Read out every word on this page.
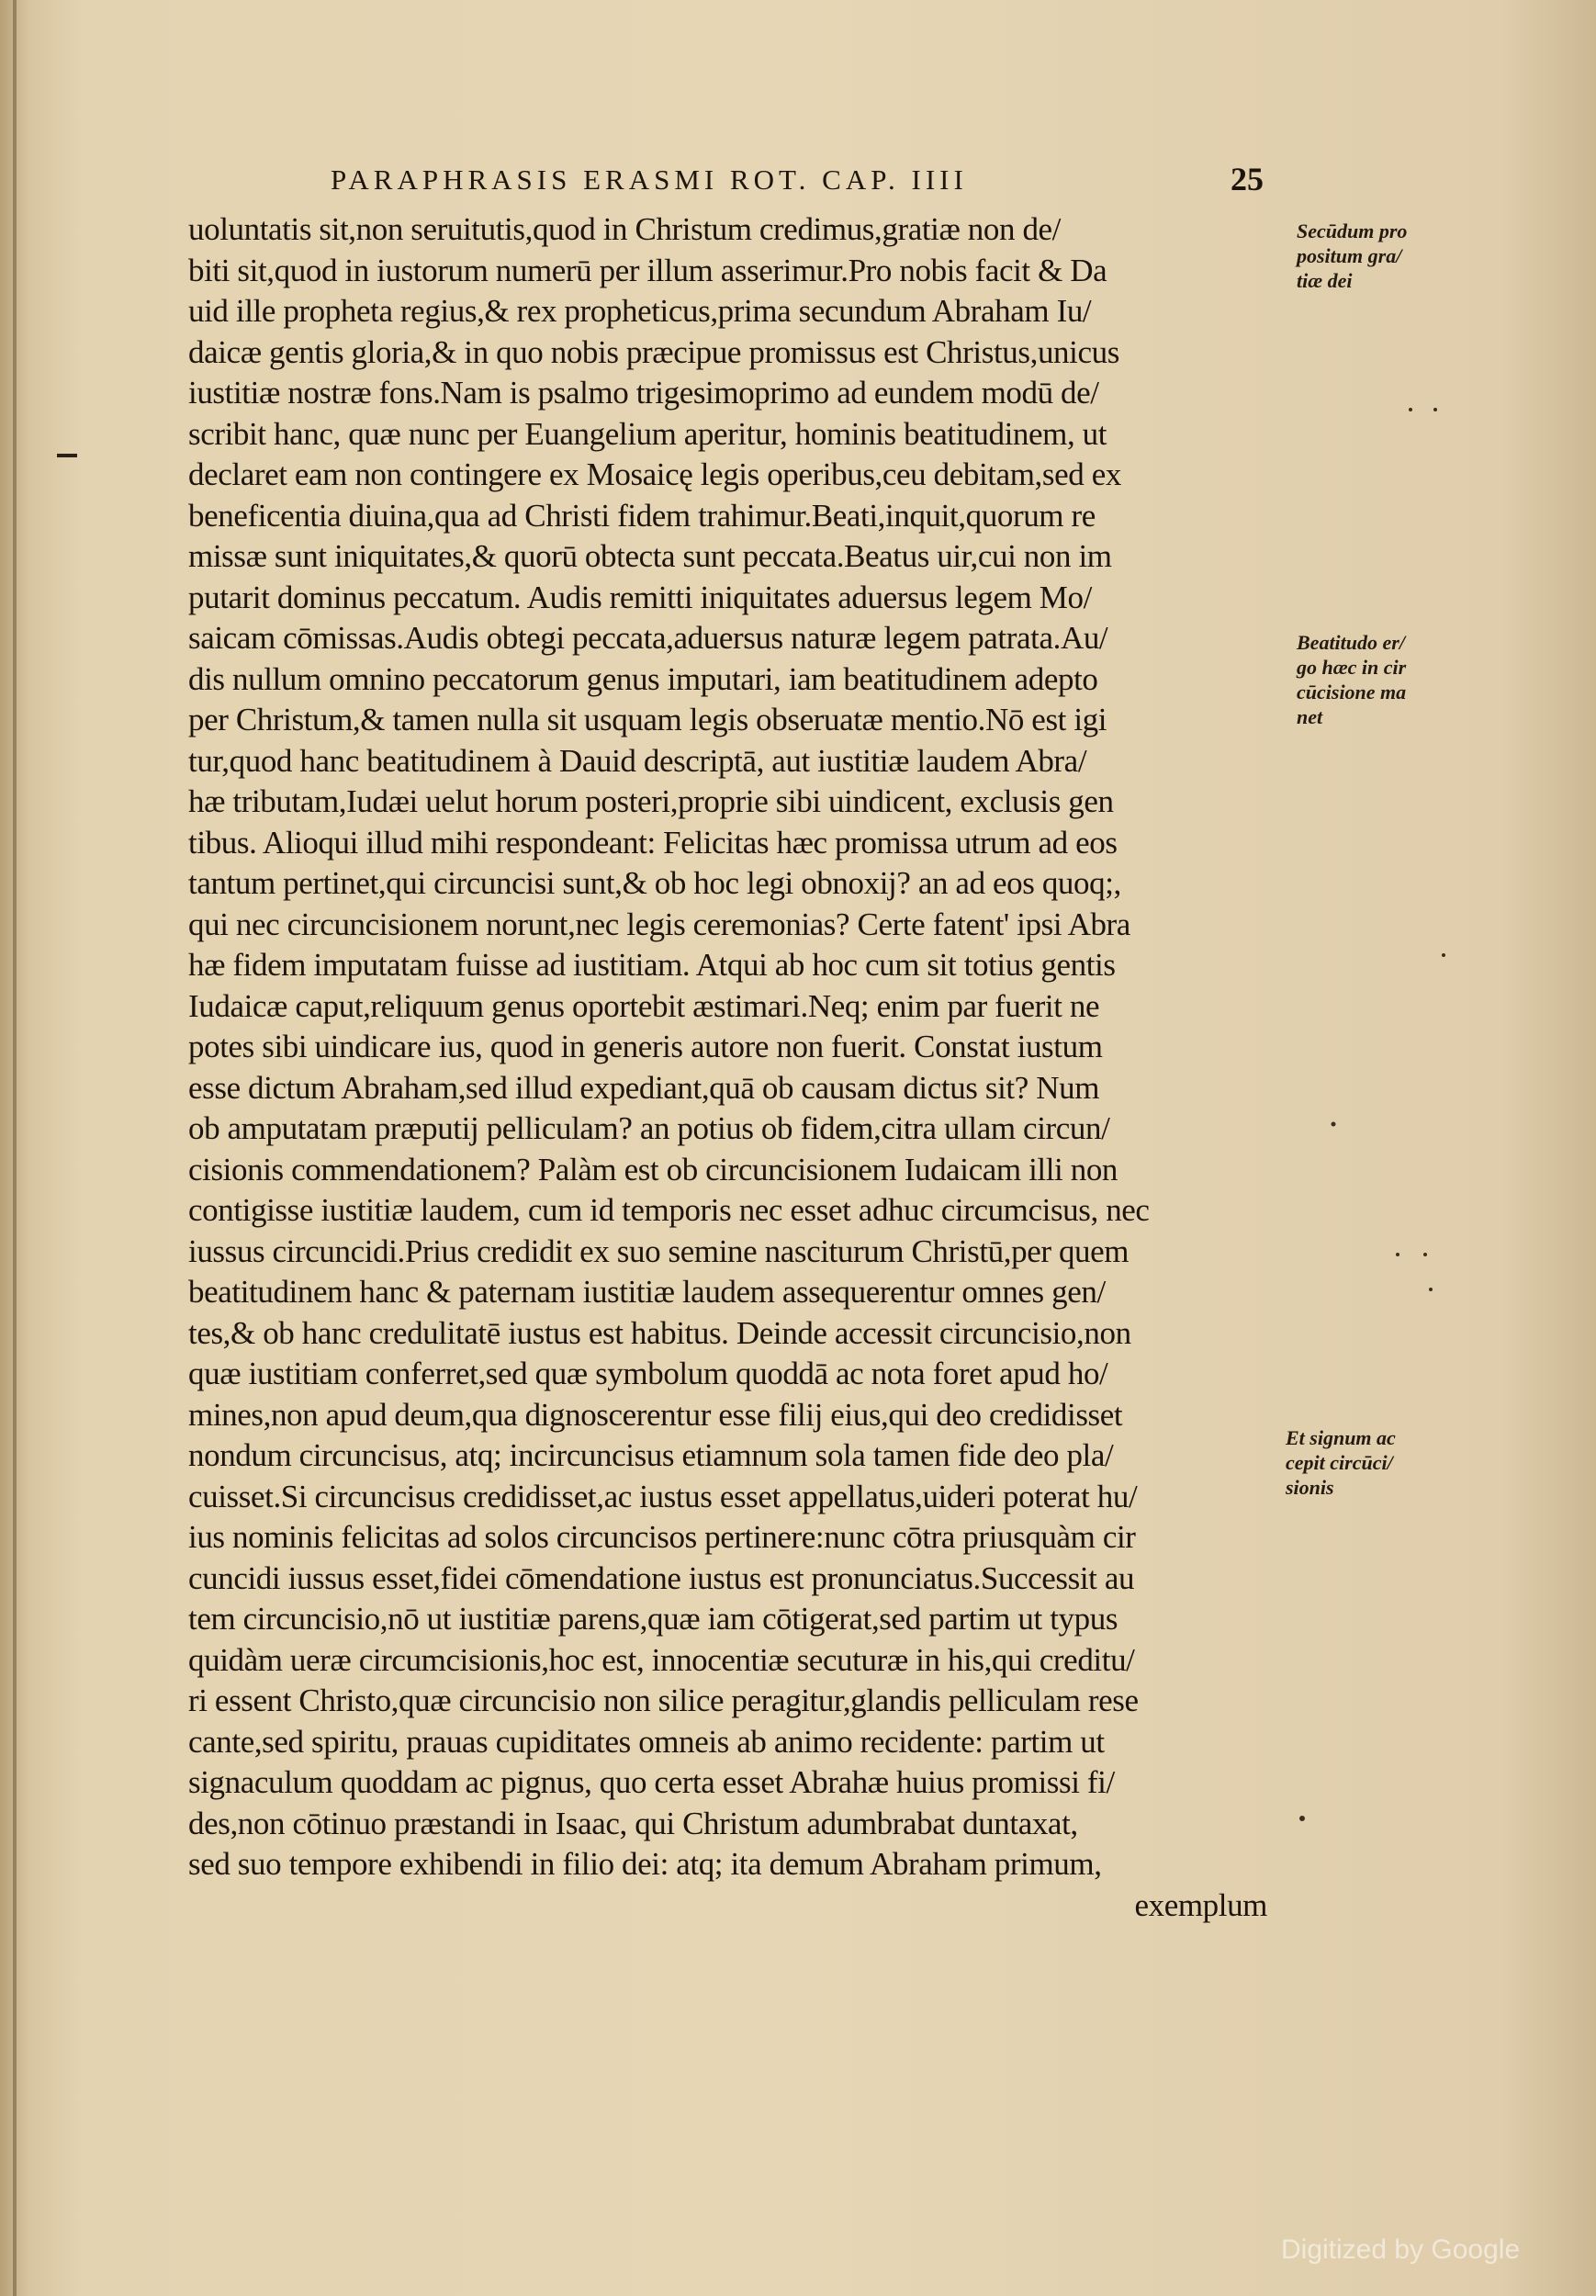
PARAPHRASIS ERASMI ROT. CAP. IIII	25
uoluntatis sit,non seruitutis,quod in Christum credimus,gratiæ non de/
biti sit,quod in iustorum numerū per illum asserimur.Pro nobis facit & Da
uid ille propheta regius,& rex propheticus,prima secundum Abraham Iu/
daicæ gentis gloria,& in quo nobis præcipue promissus est Christus,unicus
iustitiæ nostræ fons.Nam is psalmo trigesimoprimo ad eundem modū de/
scribit hanc, quæ nunc per Euangelium aperitur, hominis beatitudinem, ut
declaret eam non contingere ex Mosaicę legis operibus,ceu debitam,sed ex
beneficentia diuina,qua ad Christi fidem trahimur.Beati,inquit,quorum re
missæ sunt iniquitates,& quorū obtecta sunt peccata.Beatus uir,cui non im
putarit dominus peccatum. Audis remitti iniquitates aduersus legem Mo/
saicam cōmissas.Audis obtegi peccata,aduersus naturæ legem patrata.Au/
dis nullum omnino peccatorum genus imputari, iam beatitudinem adepto
per Christum,& tamen nulla sit usquam legis obseruatæ mentio.Nō est igi
tur,quod hanc beatitudinem à Dauid descriptā, aut iustitiæ laudem Abra/
hæ tributam,Iudæi uelut horum posteri,proprie sibi uindicent, exclusis gen
tibus. Alioqui illud mihi respondeant: Felicitas hæc promissa utrum ad eos
tantum pertinet,qui circuncisi sunt,& ob hoc legi obnoxij? an ad eos quoq;,
qui nec circuncisionem norunt,nec legis ceremonias? Certe fatent' ipsi Abra
hæ fidem imputatam fuisse ad iustitiam. Atqui ab hoc cum sit totius gentis
Iudaicæ caput,reliquum genus oportebit æstimari.Neq; enim par fuerit ne
potes sibi uindicare ius, quod in generis autore non fuerit. Constat iustum
esse dictum Abraham,sed illud expediant,quā ob causam dictus sit? Num
ob amputatam præputij pelliculam? an potius ob fidem,citra ullam circun/
cisionis commendationem? Palàm est ob circuncisionem Iudaicam illi non
contigisse iustitiæ laudem, cum id temporis nec esset adhuc circumcisus, nec
iussus circuncidi.Prius credidit ex suo semine nasciturum Christū,per quem
beatitudinem hanc & paternam iustitiæ laudem assequerentur omnes gen/
tes,& ob hanc credulitatē iustus est habitus. Deinde accessit circuncisio,non
quæ iustitiam conferret,sed quæ symbolum quoddā ac nota foret apud ho/
mines,non apud deum,qua dignoscerentur esse filij eius,qui deo credidisset
nondum circuncisus, atq; incircuncisus etiamnum sola tamen fide deo pla/
cuisset.Si circuncisus credidisset,ac iustus esset appellatus,uideri poterat hu/
ius nominis felicitas ad solos circuncisos pertinere:nunc cōtra priusquàm cir
cuncidi iussus esset,fidei cōmendatione iustus est pronunciatus.Successit au
tem circuncisio,nō ut iustitiæ parens,quæ iam cōtigerat,sed partim ut typus
quidàm ueræ circumcisionis,hoc est, innocentiæ secuturæ in his,qui creditu/
ri essent Christo,quæ circuncisio non silice peragitur,glandis pelliculam rese
cante,sed spiritu, prauas cupiditates omneis ab animo recidente: partim ut
signaculum quoddam ac pignus, quo certa esset Abrahæ huius promissi fi/
des,non cōtinuo præstandi in Isaac, qui Christum adumbrabat duntaxat,
sed suo tempore exhibendi in filio dei: atq; ita demum Abraham primum,
exemplum
Secūdum pro
positum gra/
tiæ dei
Beatitudo er/
go hæc in cir
cūcisione ma
net
Et signum ac
cepit circūci/
sionis
Digitized by Google
